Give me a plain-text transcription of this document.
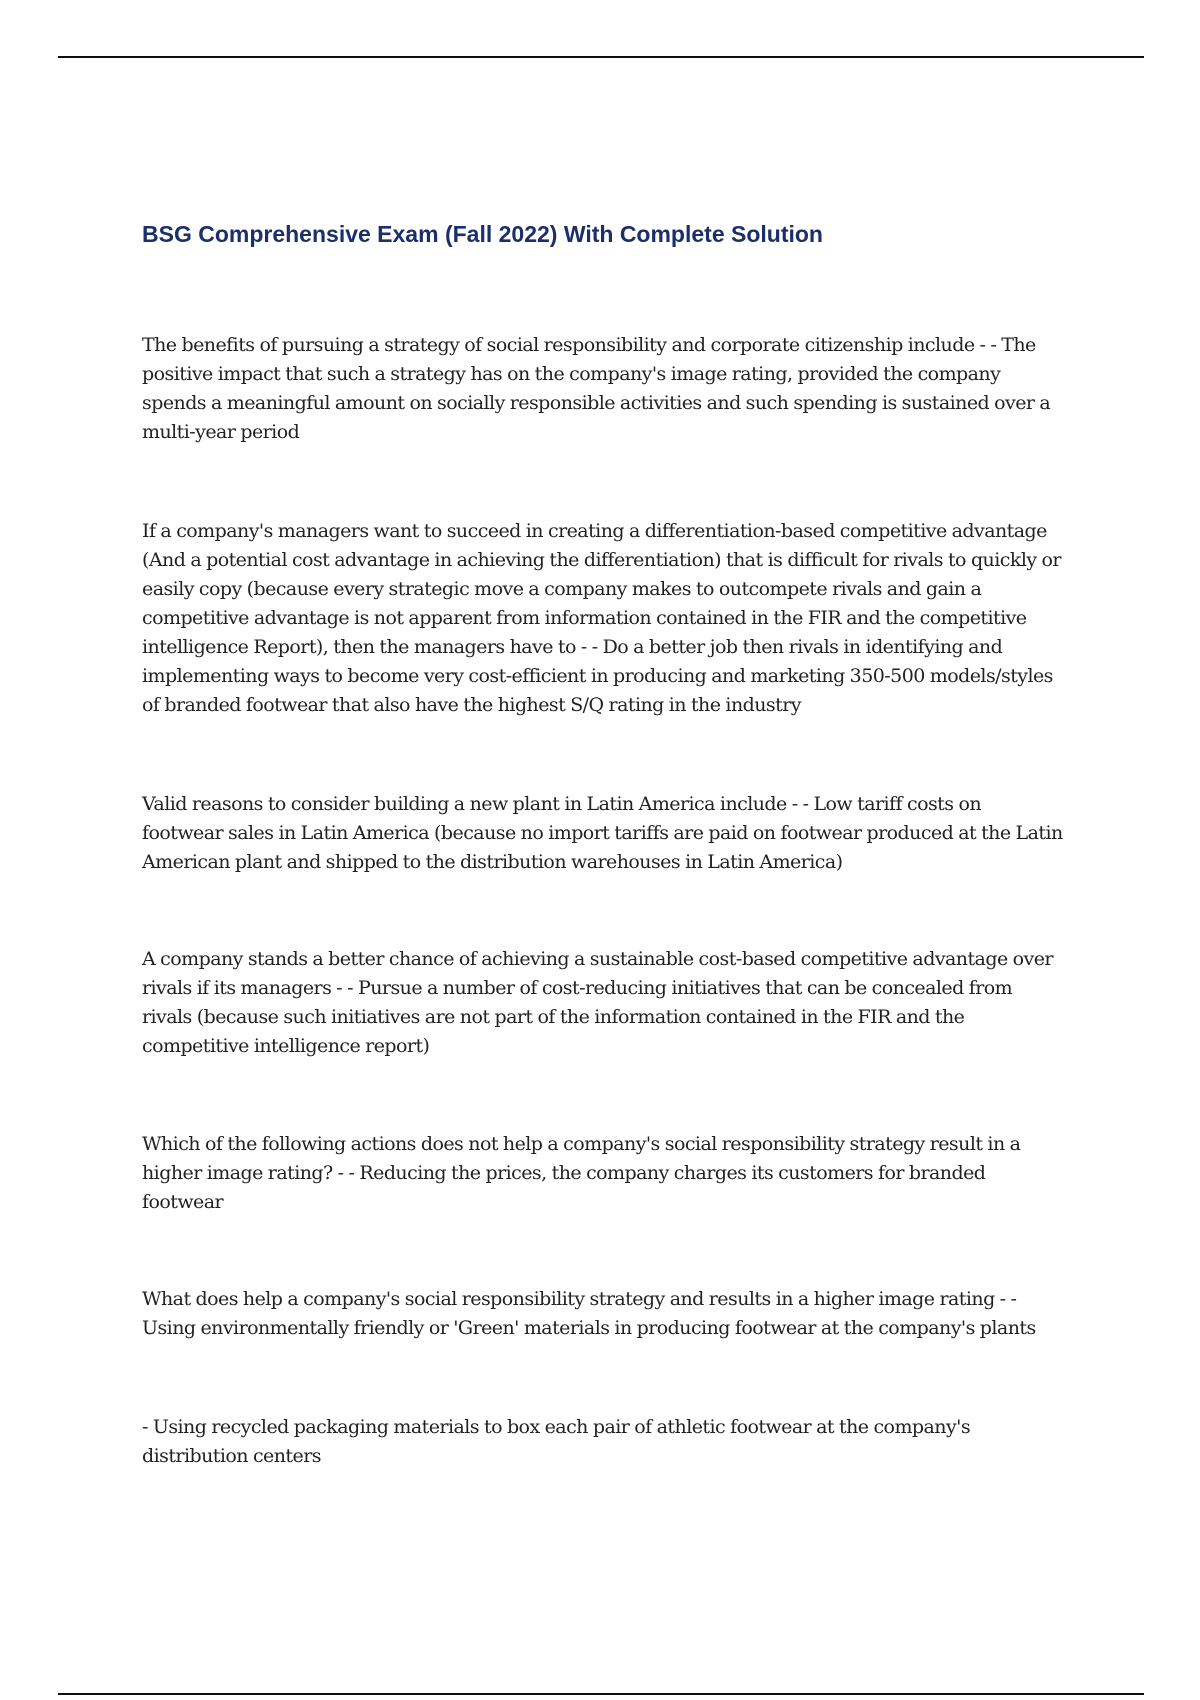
BSG Comprehensive Exam (Fall 2022) With Complete Solution

The benefits of pursuing a strategy of social responsibility and corporate citizenship include - - The positive impact that such a strategy has on the company's image rating, provided the company spends a meaningful amount on socially responsible activities and such spending is sustained over a multi-year period

If a company's managers want to succeed in creating a differentiation-based competitive advantage (And a potential cost advantage in achieving the differentiation) that is difficult for rivals to quickly or easily copy (because every strategic move a company makes to outcompete rivals and gain a competitive advantage is not apparent from information contained in the FIR and the competitive intelligence Report), then the managers have to - - Do a better job then rivals in identifying and implementing ways to become very cost-efficient in producing and marketing 350-500 models/styles of branded footwear that also have the highest S/Q rating in the industry

Valid reasons to consider building a new plant in Latin America include - - Low tariff costs on footwear sales in Latin America (because no import tariffs are paid on footwear produced at the Latin American plant and shipped to the distribution warehouses in Latin America)

A company stands a better chance of achieving a sustainable cost-based competitive advantage over rivals if its managers - - Pursue a number of cost-reducing initiatives that can be concealed from rivals (because such initiatives are not part of the information contained in the FIR and the competitive intelligence report)

Which of the following actions does not help a company's social responsibility strategy result in a higher image rating? - - Reducing the prices, the company charges its customers for branded footwear

What does help a company's social responsibility strategy and results in a higher image rating - - Using environmentally friendly or 'Green' materials in producing footwear at the company's plants

- Using recycled packaging materials to box each pair of athletic footwear at the company's distribution centers
